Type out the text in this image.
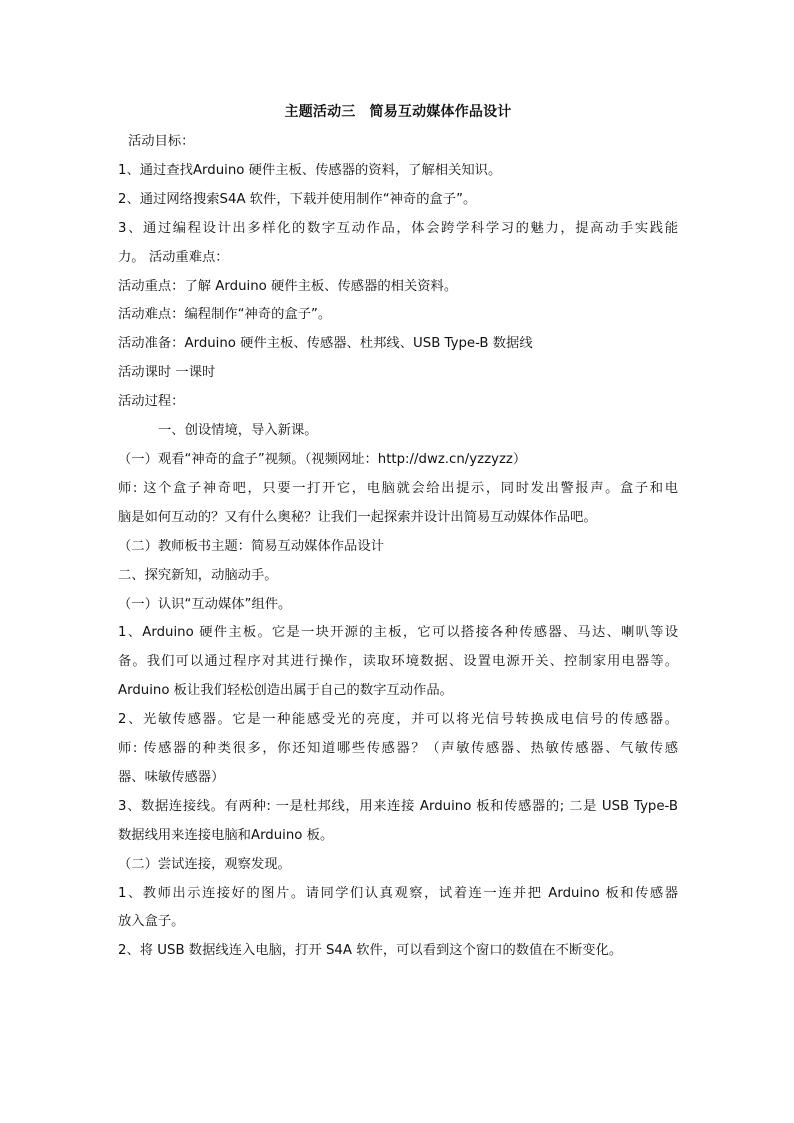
主题活动三 简易互动媒体作品设计
活动目标：
1、通过查找Arduino 硬件主板、传感器的资料，了解相关知识。
2、通过网络搜索S4A 软件，下载并使用制作“神奇的盒子”。
3、通过编程设计出多样化的数字互动作品，体会跨学科学习的魅力，提高动手实践能
力。 活动重难点：
活动重点：了解 Arduino 硬件主板、传感器的相关资料。
活动难点：编程制作“神奇的盒子”。
活动准备：Arduino 硬件主板、传感器、杜邦线、USB Type-B 数据线
活动课时 一课时
活动过程：
一、创设情境，导入新课。
（一）观看“神奇的盒子”视频。（视频网址：http://dwz.cn/yzzyzz）
师: 这个盒子神奇吧，只要一打开它，电脑就会给出提示，同时发出警报声。盒子和电
脑是如何互动的？又有什么奥秘？让我们一起探索并设计出简易互动媒体作品吧。
（二）教师板书主题：简易互动媒体作品设计
二、探究新知，动脑动手。
（一）认识“互动媒体”组件。
1、Arduino 硬件主板。它是一块开源的主板，它可以搭接各种传感器、马达、喇叭等设
备。我们可以通过程序对其进行操作，读取环境数据、设置电源开关、控制家用电器等。
Arduino 板让我们轻松创造出属于自己的数字互动作品。
2、光敏传感器。它是一种能感受光的亮度，并可以将光信号转换成电信号的传感器。
师: 传感器的种类很多，你还知道哪些传感器？（声敏传感器、热敏传感器、气敏传感
器、味敏传感器）
3、数据连接线。有两种: 一是杜邦线，用来连接 Arduino 板和传感器的; 二是 USB Type-B
数据线用来连接电脑和Arduino 板。
（二）尝试连接，观察发现。
1、教师出示连接好的图片。请同学们认真观察，试着连一连并把 Arduino 板和传感器
放入盒子。
2、将 USB 数据线连入电脑，打开 S4A 软件，可以看到这个窗口的数值在不断变化。
